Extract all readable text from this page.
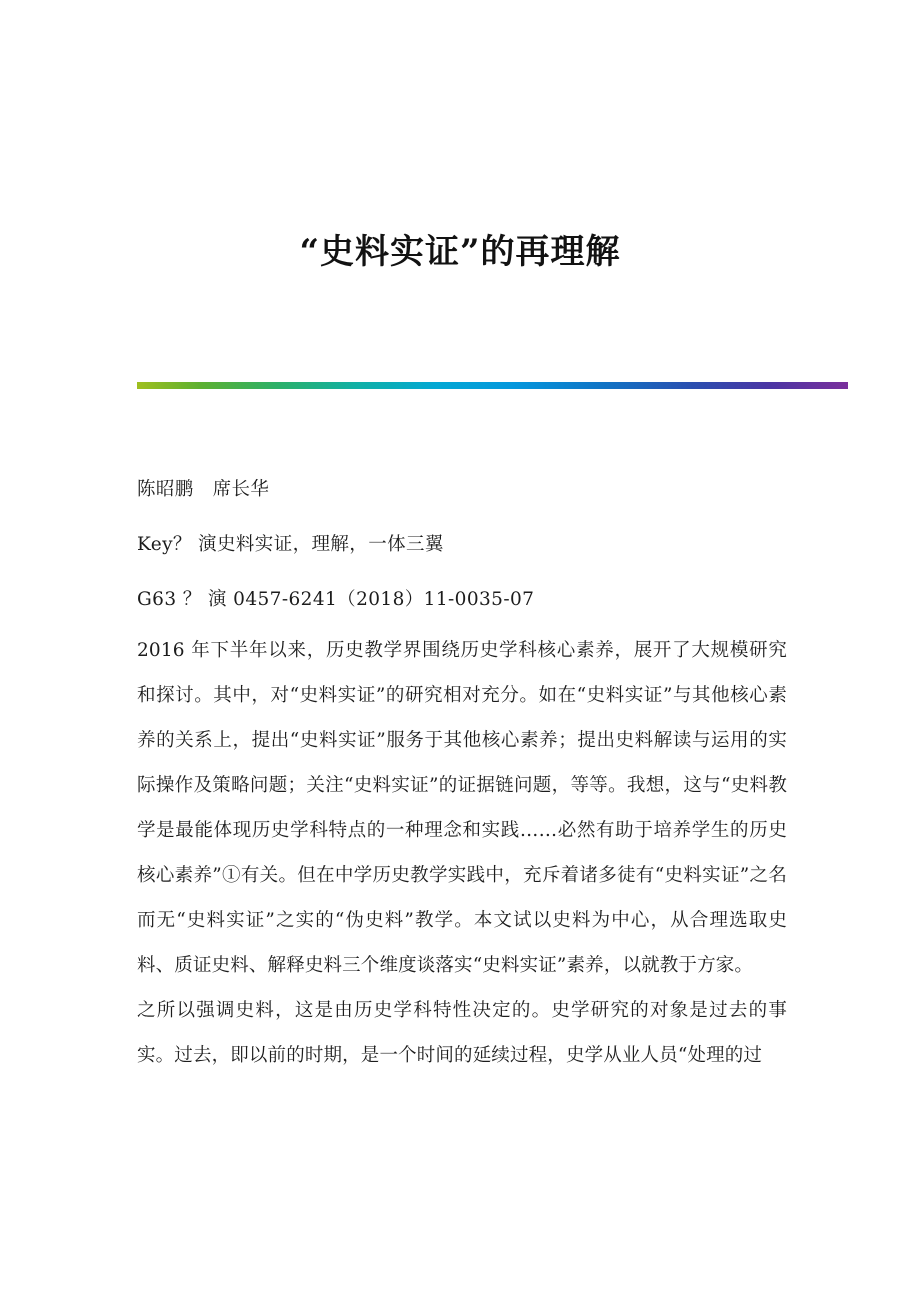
“史料实证”的再理解
陈昭鹏　席长华
Key？ 演史料实证，理解，一体三翼
G63 ？ 演 0457-6241（2018）11-0035-07

2016 年下半年以来，历史教学界围绕历史学科核心素养，展开了大规模研究和探讨。其中，对“史料实证”的研究相对充分。如在“史料实证”与其他核心素养的关系上，提出“史料实证”服务于其他核心素养；提出史料解读与运用的实际操作及策略问题；关注“史料实证”的证据链问题，等等。我想，这与“史料教学是最能体现历史学科特点的一种理念和实践……必然有助于培养学生的历史核心素养”①有关。但在中学历史教学实践中，充斥着诸多徒有“史料实证”之名而无“史料实证”之实的“伪史料”教学。本文试以史料为中心，从合理选取史料、质证史料、解释史料三个维度谈落实“史料实证”素养，以就教于方家。

之所以强调史料，这是由历史学科特性决定的。史学研究的对象是过去的事实。过去，即以前的时期，是一个时间的延续过程，史学从业人员“处理的过
